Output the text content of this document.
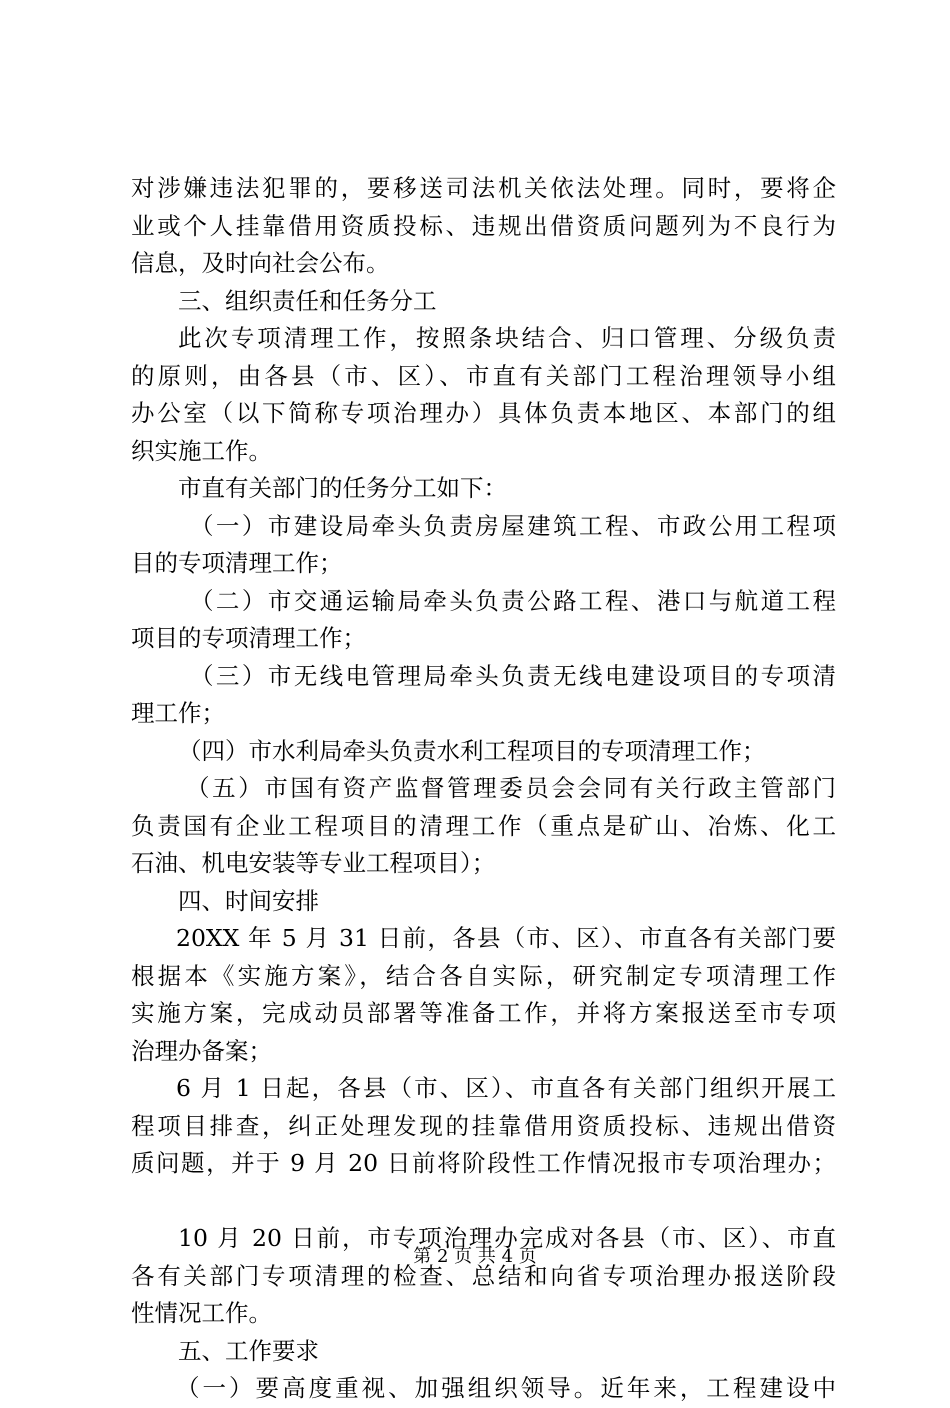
对涉嫌违法犯罪的，要移送司法机关依法处理。同时，要将企
业或个人挂靠借用资质投标、违规出借资质问题列为不良行为
信息，及时向社会公布。
三、组织责任和任务分工
此次专项清理工作，按照条块结合、归口管理、分级负责
的原则，由各县（市、区）、市直有关部门工程治理领导小组
办公室（以下简称专项治理办）具体负责本地区、本部门的组
织实施工作。
市直有关部门的任务分工如下：
（一）市建设局牵头负责房屋建筑工程、市政公用工程项
目的专项清理工作；
（二）市交通运输局牵头负责公路工程、港口与航道工程
项目的专项清理工作；
（三）市无线电管理局牵头负责无线电建设项目的专项清
理工作；
（四）市水利局牵头负责水利工程项目的专项清理工作；
（五）市国有资产监督管理委员会会同有关行政主管部门
负责国有企业工程项目的清理工作（重点是矿山、冶炼、化工
石油、机电安装等专业工程项目）；
四、时间安排
20XX 年 5 月 31 日前，各县（市、区）、市直各有关部门要
根据本《实施方案》，结合各自实际，研究制定专项清理工作
实施方案，完成动员部署等准备工作，并将方案报送至市专项
治理办备案；
6 月 1 日起，各县（市、区）、市直各有关部门组织开展工
程项目排查，纠正处理发现的挂靠借用资质投标、违规出借资
质问题，并于 9 月 20 日前将阶段性工作情况报市专项治理办；
10 月 20 日前，市专项治理办完成对各县（市、区）、市直
各有关部门专项清理的检查、总结和向省专项治理办报送阶段
性情况工作。
五、工作要求
（一）要高度重视、加强组织领导。近年来，工程建设中
第 2 页 共 4 页
